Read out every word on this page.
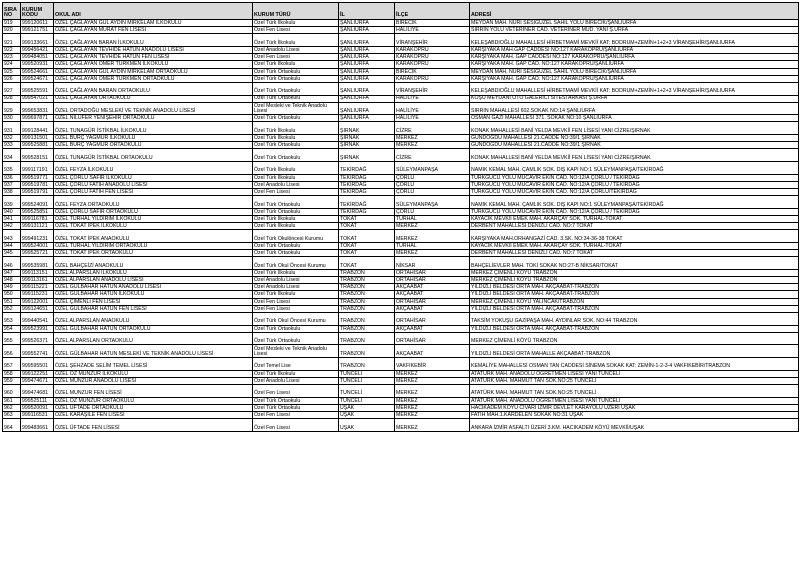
SIRA NO	KURUM KODU	OKUL ADI	KURUM TÜRÜ	İL	İLÇE	ADRESİ
919	999120611	ÖZEL ÇAĞLAYAN GÜL AYDIN MİRKELAM İLKOKULU	Özel Türk İlkokulu	ŞANLIURFA	BİRECİK	MEYDAN MAH. NURİ SESİGÜZEL SAHİL YOLU BİRECİK/ŞANLIURFA
920	999121751	ÖZEL ÇAĞLAYAN MURAT FEN LİSESİ	Özel Fen Lisesi	ŞANLIURFA	HALİLİYE	SIRRIN YOLU VETERİNER CAD. VETERİNER MÜD. YANI Ş.URFA
921	999133661	ÖZEL ÇAĞLAYAN BARAN İLKOKULU	Özel Türk İlkokulu	ŞANLIURFA	VİRANŞEHİR	KELEŞABDIOĞLU MAHALLESİ HİRBETMAMİ MEVKİİ KAT: BODRUM+ZEMİN+1+2+3 VİRANŞEHİR/ŞANLIURFA
922	999456421	ÖZEL ÇAĞLAYAN TEVHİDE HATUN ANADOLU LİSESİ	Özel Anadolu Lisesi	ŞANLIURFA	KARAKÖPRÜ	KARŞIYAKA MAH.GAP CADDESİ NO:127 KARAKÖPRÜ/ŞANLIURFA
923	999484051	ÖZEL ÇAĞLAYAN TEVHİDE HATUN FEN LİSESİ	Özel Fen Lisesi	ŞANLIURFA	KARAKÖPRÜ	KARŞIYAKA MAH. GAP CADDESİ NO:127 KARAKÖPRÜ/ŞANLIURFA
924	999520931	ÖZEL ÇAĞLAYAN ÖMER TÜRKMEN İLKOKULU	Özel Türk İlkokulu	ŞANLIURFA	KARAKÖPRÜ	KARŞIYAKA MAH. GAP CAD. NO:127 KARAKÖPRÜ/ŞANLIURFA
925	999524661	ÖZEL ÇAĞLAYAN GÜL AYDIN MİRKELAM ORTAOKULU	Özel Türk Ortaokulu	ŞANLIURFA	BİRECİK	MEYDAN MAH. NURİ SESİGÜZEL SAHİL YOLU BİRECİK/ŞANLIURFA
926	999524671	ÖZEL ÇAĞLAYAN ÖMER TÜRKMEN ORTAOKULU	Özel Türk Ortaokulu	ŞANLIURFA	KARAKÖPRÜ	KARŞIYAKA MAH. GAP CAD. NO:127 KARAKÖPRÜ/ŞANLIURFA
927	999525591	ÖZEL ÇAĞLAYAN BARAN ORTAOKULU	Özel Türk Ortaokulu	ŞANLIURFA	VİRANŞEHİR	KELEŞABDIOĞLU MAHALLESİ HİRBETMAMİ MEVKİİ KAT: BODRUM+ZEMİN+1+2+3 VİRANŞEHİR/ŞANLIURFA
928	999547021	ÖZEL ÇAĞLAYAN ORTAOKULU	Özel Türk Ortaokulu	ŞANLIURFA	HALİLİYE	KOŞU MEYDANI OTO GALERİCİ SİTESİ ARKASI Ş.URFA
929	999653831	ÖZEL ORTADOĞU MESLEKİ VE TEKNİK ANADOLU LİSESİ	Özel Mesleki ve Teknik Anadolu Lisesi	ŞANLIURFA	HALİLİYE	SIRRIN MAHALLESİ 602.SOKAK NO:14 ŞANLIURFA
930	999697871	ÖZEL NİLÜFER YENİŞEHİR ORTAOKULU	Özel Türk Ortaokulu	ŞANLIURFA	HALİLİYE	OSMAN GAZİ MAHALLESİ 371. SOKAK NO:10 ŞANLIURFA
931	999128441	ÖZEL TUNAGÜR İSTİKBAL İLKOKULU	Özel Türk İlkokulu	ŞIRNAK	CİZRE	KONAK MAHALLESİ BANİ YELDA MEVKİİ FEN LİSESİ YANI CİZRE/ŞIRNAK
932	999131501	ÖZEL BURÇ YAĞMUR İLKOKULU	Özel Türk İlkokulu	ŞIRNAK	MERKEZ	GÜNDOĞDU MAHALLESİ 21.CADDE NO:39/1 ŞIRNAK
933	999525881	ÖZEL BURÇ YAĞMUR ORTAOKULU	Özel Türk Ortaokulu	ŞIRNAK	MERKEZ	GÜNDOĞDU MAHALLESİ 21.CADDE NO:39/1 ŞIRNAK
934	999528151	ÖZEL TUNAGÜR İSTİKBAL ORTAOKULU	Özel Türk Ortaokulu	ŞIRNAK	CİZRE	KONAK MAHALLESİ BANİ YELDA MEVKİİ FEN LİSESİ YANI CİZRE/ŞIRNAK
935	999117191	ÖZEL FEYZA İLKOKULU	Özel Türk İlkokulu	TEKİRDAĞ	SÜLEYMANPAŞA	NAMIK KEMAL MAH. ÇAMLIK SOK. DIŞ KAPI NO:1 SÜLEYMANPAŞA/TEKİRDAĞ
936	999519771	ÖZEL ÇORLU SAFİR İLKOKULU	Özel Türk İlkokulu	TEKİRDAĞ	ÇORLU	TÜRKGÜCÜ YOLU MÜCAVİR EKİN CAD. NO:12/A ÇORLU / TEKİRDAĞ
937	999519781	ÖZEL ÇORLU FATİH ANADOLU LİSESİ	Özel Anadolu Lisesi	TEKİRDAĞ	ÇORLU	TÜRKGÜCÜ YOLU MÜCAVİR EKİN CAD. NO:12/A ÇORLU / TEKİRDAĞ
938	999519791	ÖZEL ÇORLU FATİH FEN LİSESİ	Özel Fen Lisesi	TEKİRDAĞ	ÇORLU	TÜRKGÜCÜ YOLU MÜCAVİR EKİN CAD. NO:12/A ÇORLU/TEKİRDAĞ
939	999524091	ÖZEL FEYZA ORTAOKULU	Özel Türk Ortaokulu	TEKİRDAĞ	SÜLEYMANPAŞA	NAMIK KEMAL MAH. ÇAMLIK SOK. DIŞ KAPI NO:1 SÜLEYMANPAŞA/TEKİRDAĞ
940	999525851	ÖZEL ÇORLU SAFİR ORTAOKULU	Özel Türk Ortaokulu	TEKİRDAĞ	ÇORLU	TÜRKGÜCÜ YOLU MÜCAVİR EKİN CAD. NO:12/A ÇORLU / TEKİRDAĞ
941	999116781	ÖZEL TURHAL YILDIRIM İLKOKULU	Özel Türk İlkokulu	TOKAT	TURHAL	KAYACIK MEVKİİ EMEK MAH. AKARÇAY SOK. TURHAL-TOKAT
942	999131121	ÖZEL TOKAT İPEK İLKOKULU	Özel Türk İlkokulu	TOKAT	MERKEZ	DERBENT MAHALLESİ DENİZLİ CAD. NO:7 TOKAT
943	999491231	ÖZEL TOKAT İPEK ANAOKULU	Özel Türk Okulöncesi Kurumu	TOKAT	MERKEZ	KARŞIYAKA MAH.ORHANGAZİ CAD. 3.SK. NO:34-36-38 TOKAT
944	999524001	ÖZEL TURHAL YILDIRIM ORTAOKULU	Özel Türk Ortaokulu	TOKAT	TURHAL	KAYACIK MEVKİİ EMEK MAH. AKARÇAY SOK. TURHAL-TOKAT
945	999525721	ÖZEL TOKAT İPEK ORTAOKULU	Özel Türk Ortaokulu	TOKAT	MERKEZ	DERBENT MAHALLESİ DENİZLİ CAD. NO:7 TOKAT
946	999535981	ÖZEL BAHÇEİZİ ANAOKULU	Özel Türk Okul Öncesi Kurumu	TOKAT	NİKSAR	BAHÇELİEVLER MAH. TOKİ SOKAK NO:27-B NİKSAR/TOKAT
947	999113151	ÖZEL ALPARSLAN İLKOKULU	Özel Türk İlkokulu	TRABZON	ORTAHİSAR	MERKEZ ÇİMENLİ KÖYÜ TRABZON
948	999113161	ÖZEL ALPARSLAN ANADOLU LİSESİ	Özel Anadolu Lisesi	TRABZON	ORTAHİSAR	MERKEZ ÇİMENLİ KÖYÜ TRABZON
949	999115221	ÖZEL GÜLBAHAR HATUN ANADOLU LİSESİ	Özel Anadolu Lisesi	TRABZON	AKÇAABAT	YILDIZLI BELDESİ ORTA MAH. AKÇAABAT-TRABZON
950	999115231	ÖZEL GÜLBAHAR HATUN İLKOKULU	Özel Türk İlkokulu	TRABZON	AKÇAABAT	YILDIZLI BELDESİ ORTA MAH. AKÇAABAT-TRABZON
951	999122001	ÖZEL ÇİMENLİ FEN LİSESİ	Özel Fen Lisesi	TRABZON	ORTAHİSAR	MERKEZ ÇİMENLİ KÖYÜ YALINCAK/TRABZON
952	999124651	ÖZEL GÜLBAHAR HATUN FEN LİSESİ	Özel Fen Lisesi	TRABZON	AKÇAABAT	YILDIZLI BELDESİ ORTA MAH. AKÇAABAT-TRABZON
953	999440541	ÖZEL ALPARSLAN ANAOKULU	Özel Türk Okul Öncesi Kurumu	TRABZON	ORTAHİSAR	TAKSİM YOKUŞU GAZİPAŞA MAH. AYDINLAR SOK. NO:44 TRABZON
954	999523991	ÖZEL GÜLBAHAR HATUN ORTAOKULU	Özel Türk Ortaokulu	TRABZON	AKÇAABAT	YILDIZLI BELDESİ ORTA MAH. AKÇAABAT-TRABZON
955	999526371	ÖZEL ALPARSLAN ORTAOKULU	Özel Türk Ortaokulu	TRABZON	ORTAHİSAR	MERKEZ ÇİMENLİ KÖYÜ TRABZON
956	999552741	ÖZEL GÜLBAHAR HATUN MESLEKİ VE TEKNİK ANADOLU LİSESİ	Özel Mesleki ve Teknik Anadolu Lisesi	TRABZON	AKÇAABAT	YILDIZLI BELDESİ ORTA MAHALLE AKÇAABAT-TRABZON
957	999595501	ÖZEL ŞEHZADE SELİM TEMEL LİSESİ	Özel Temel Lise	TRABZON	VAKFIKEBİR	KEMALİYE MAHALLESİ OSMAN TAN CADDESİ SİNEMA SOKAK KAT: ZEMİN-1-2-3-4 VAKFIKEBİR/TRABZON
958	999122251	ÖZEL ÖZ MUNZUR İLKOKULU	Özel Türk İlkokulu	TUNCELİ	MERKEZ	ATATÜRK MAH. ANADOLU ÖĞRETMEN LİSESİ YANI TUNCELİ
959	999474671	ÖZEL MUNZUR ANADOLU LİSESİ	Özel Anadolu Lisesi	TUNCELİ	MERKEZ	ATATÜRK MAH. MAHMUT TAN SOK.NO:25 TUNCELİ
960	999474681	ÖZEL MUNZUR FEN LİSESİ	Özel Fen Lisesi	TUNCELİ	MERKEZ	ATATÜRK MAH. MAHMUT TAN SOK.NO:25 TUNCELİ
961	999525111	ÖZEL ÖZ MUNZUR ORTAOKULU	Özel Türk Ortaokulu	TUNCELİ	MERKEZ	ATATÜRK MAH. ANADOLU ÖĞRETMEN LİSESİ YANI TUNCELİ
962	999520091	ÖZEL ÜFTADE ORTAOKULU	Özel Türk Ortaokulu	UŞAK	MERKEZ	HACIKADEM KÖYÜ CİVARI İZMİR DEVLET KARAYOLU ÜZERİ UŞAK
963	999116531	ÖZEL KARAŞİLE FEN LİSESİ	Özel Fen Lisesi	UŞAK	MERKEZ	FATİH MAH.1.KARDELEN SOKAK NO:31 UŞAK
964	999483661	ÖZEL ÜFTADE FEN LİSESİ	Özel Fen Lisesi	UŞAK	MERKEZ	ANKARA İZMİR ASFALTI ÜZERİ 3.KM. HACIKADEM KÖYÜ MEVKİİ/UŞAK
